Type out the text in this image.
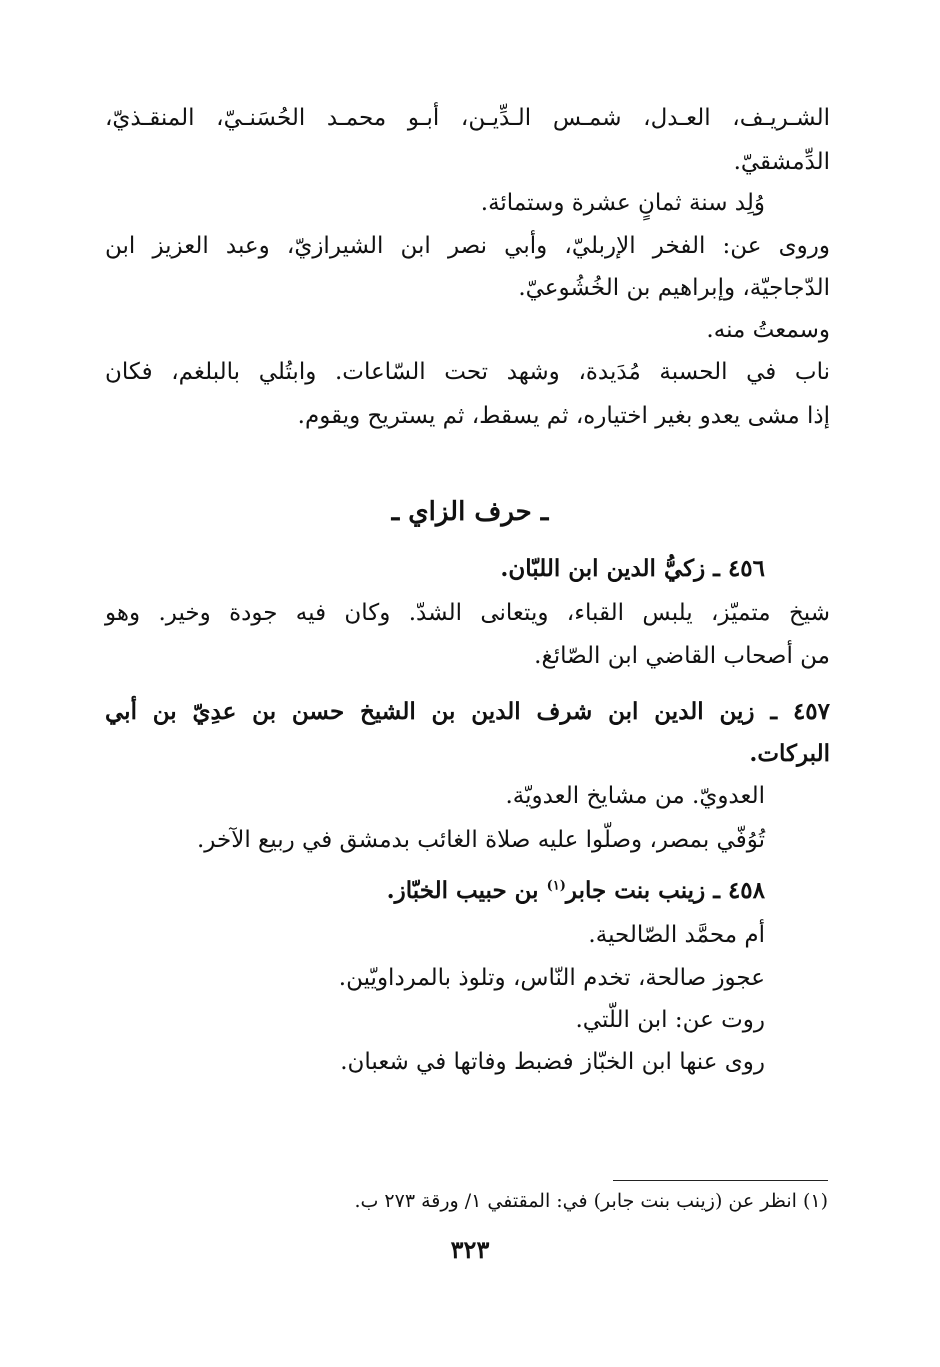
الشـريـف، العـدل، شمـس الـدِّيـن، أبـو محمـد الحُسَنـيّ، المنقـذيّ،
الدِّمشقيّ.
وُلِد سنة ثمانٍ عشرة وستمائة.
وروى عن: الفخر الإربليّ، وأبي نصر ابن الشيرازيّ، وعبد العزيز ابن
الدّجاجيّة، وإبراهيم بن الخُشُوعيّ.
وسمعتُ منه.
ناب في الحسبة مُدَيدة، وشهد تحت السّاعات. وابتُلي بالبلغم، فكان
إذا مشى يعدو بغير اختياره، ثم يسقط، ثم يستريح ويقوم.
ـ حرف الزاي ـ
٤٥٦ ـ زكيُّ الدين ابن اللبّان.
شيخ متميّز، يلبس القباء، ويتعانى الشدّ. وكان فيه جودة وخير. وهو
من أصحاب القاضي ابن الصّائغ.
٤٥٧ ـ زين الدين ابن شرف الدين بن الشيخ حسن بن عدِيّ بن أبي
البركات.
العدويّ. من مشايخ العدويّة.
تُوُفّي بمصر، وصلّوا عليه صلاة الغائب بدمشق في ربيع الآخر.
٤٥٨ ـ زينب بنت جابر$^{(١)}$ بن حبيب الخبّاز.
أم محمَّد الصّالحية.
عجوز صالحة، تخدم النّاس، وتلوذ بالمرداويّين.
روت عن: ابن اللّتي.
روى عنها ابن الخبّاز فضبط وفاتها في شعبان.
(١) انظر عن (زينب بنت جابر) في: المقتفي ١/ ورقة ٢٧٣ ب.
٣٢٣
